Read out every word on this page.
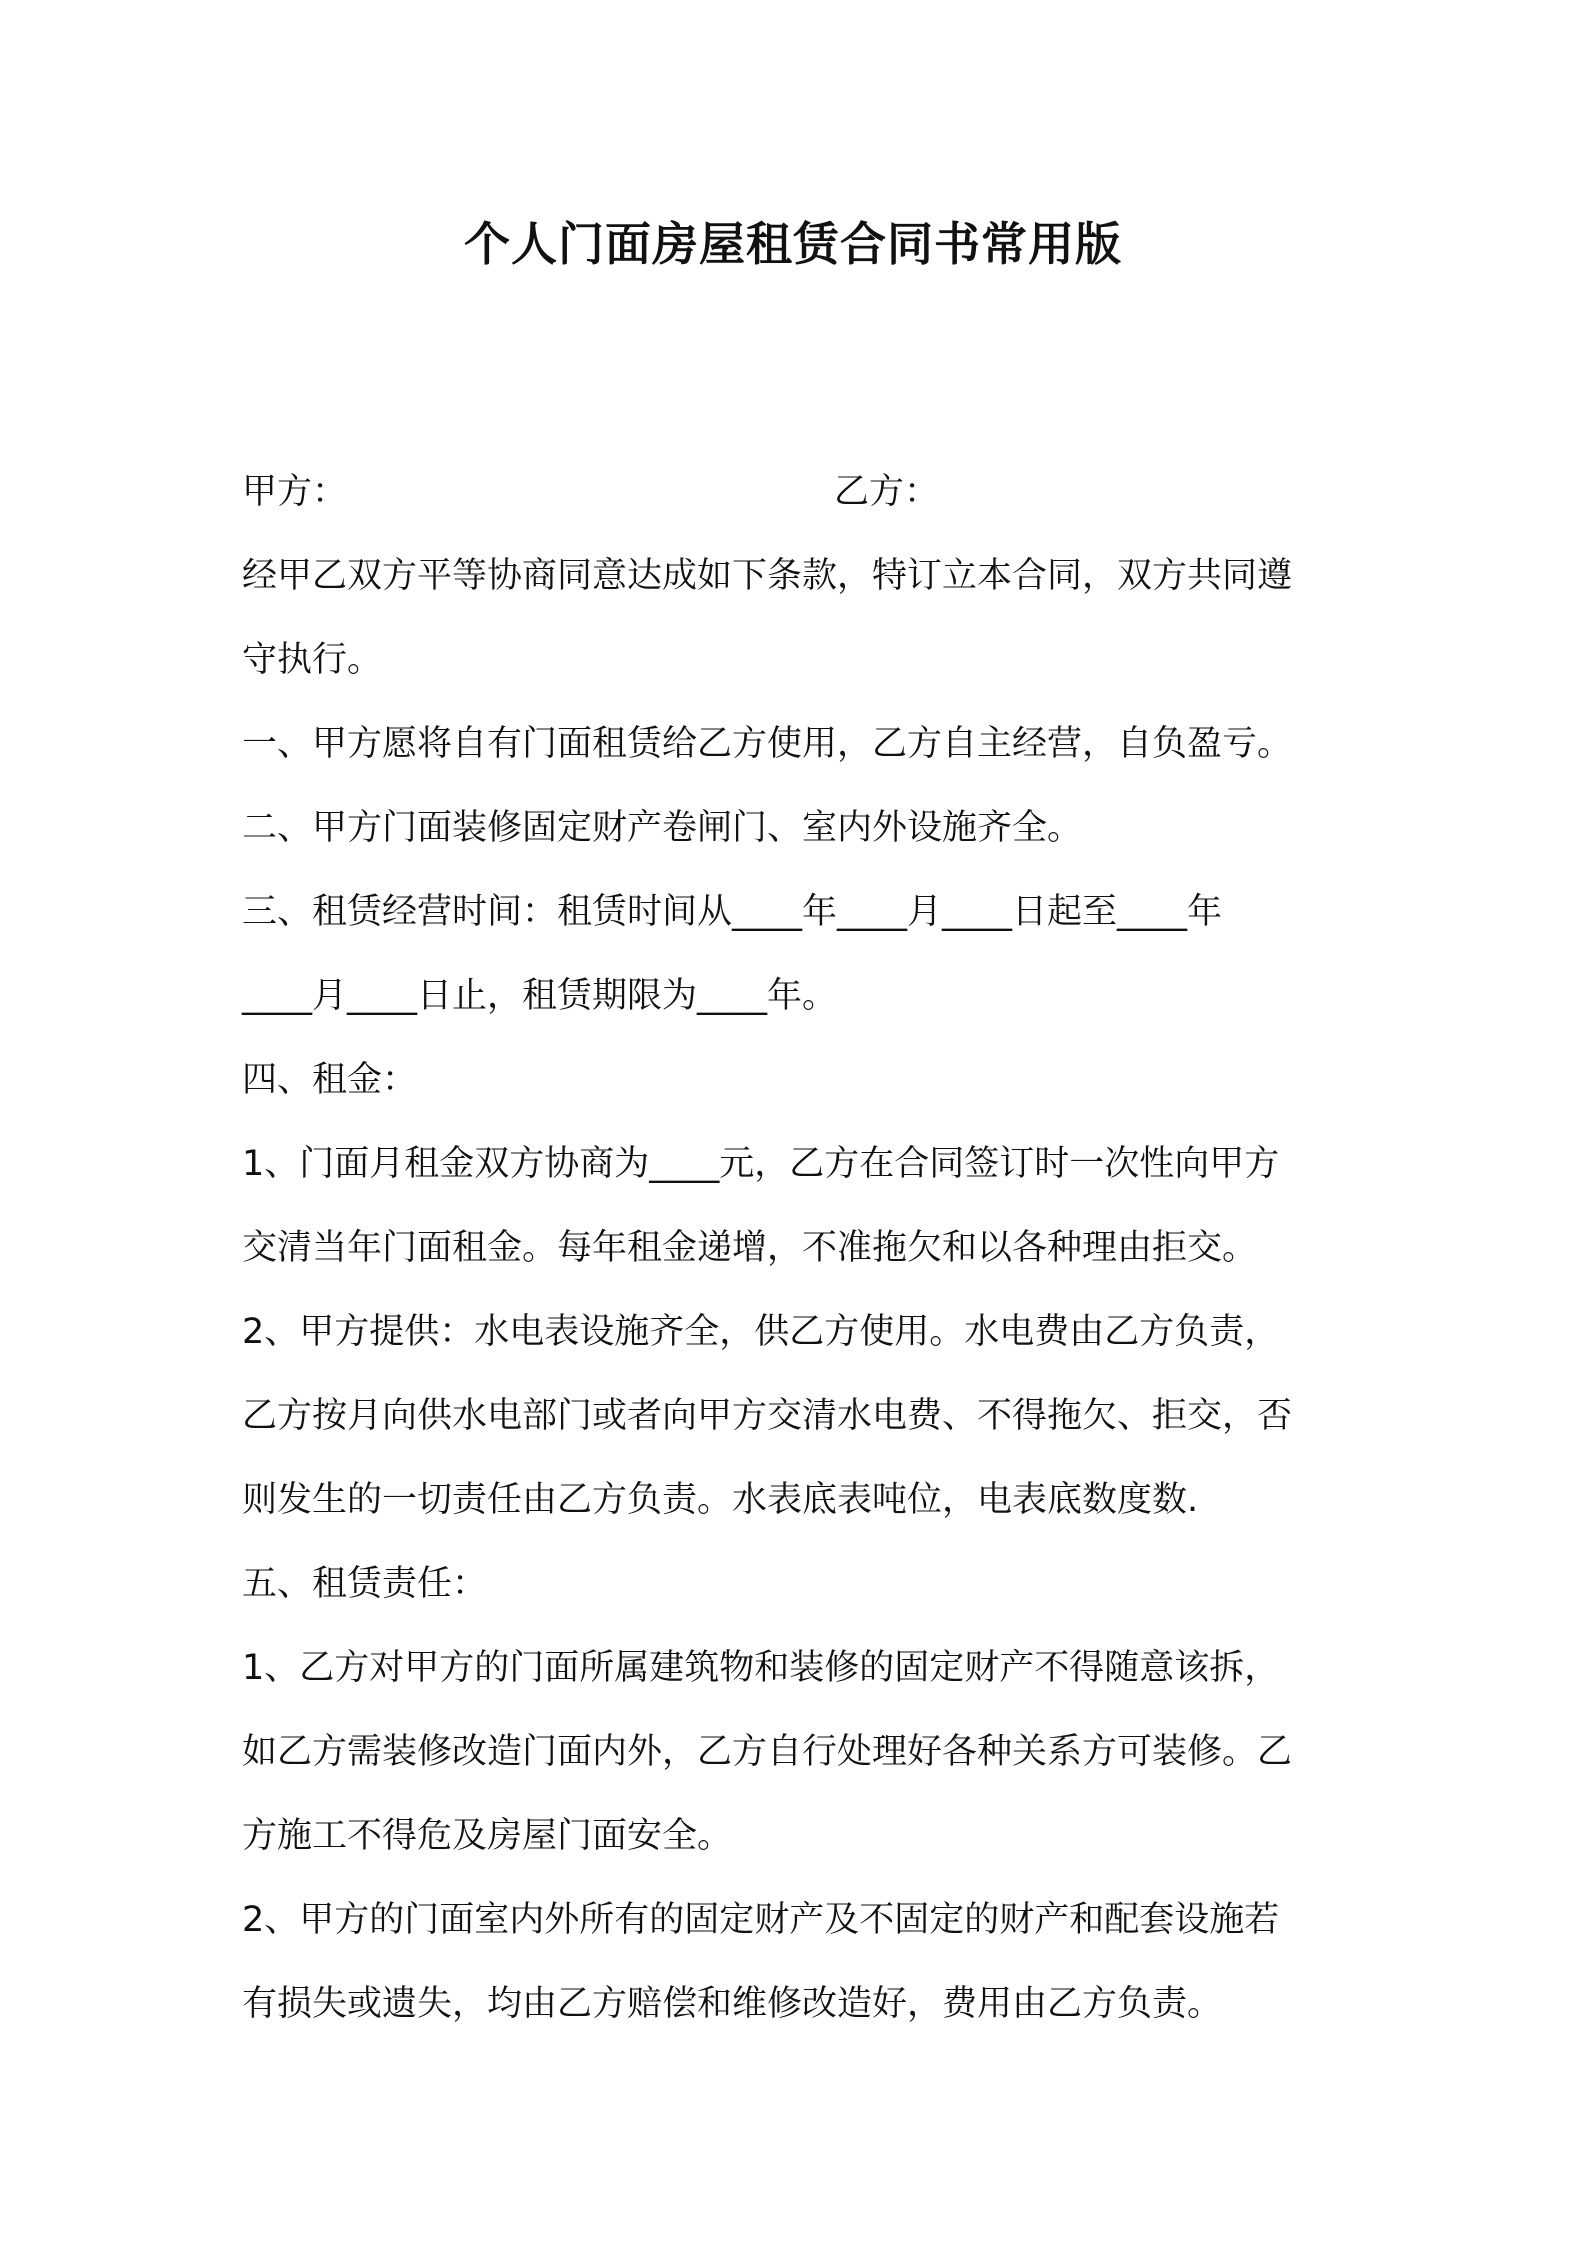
个人门面房屋租赁合同书常用版
甲方：	乙方：

经甲乙双方平等协商同意达成如下条款，特订立本合同，双方共同遵

守执行。

一、甲方愿将自有门面租赁给乙方使用，乙方自主经营，自负盈亏。

二、甲方门面装修固定财产卷闸门、室内外设施齐全。

三、租赁经营时间：租赁时间从____年____月____日起至____年

____月____日止，租赁期限为____年。

四、租金：

1、门面月租金双方协商为____元，乙方在合同签订时一次性向甲方

交清当年门面租金。每年租金递增，不准拖欠和以各种理由拒交。

2、甲方提供：水电表设施齐全，供乙方使用。水电费由乙方负责，

乙方按月向供水电部门或者向甲方交清水电费、不得拖欠、拒交，否

则发生的一切责任由乙方负责。水表底表吨位，电表底数度数.

五、租赁责任：

1、乙方对甲方的门面所属建筑物和装修的固定财产不得随意该拆，

如乙方需装修改造门面内外，乙方自行处理好各种关系方可装修。乙

方施工不得危及房屋门面安全。

2、甲方的门面室内外所有的固定财产及不固定的财产和配套设施若

有损失或遗失，均由乙方赔偿和维修改造好，费用由乙方负责。
